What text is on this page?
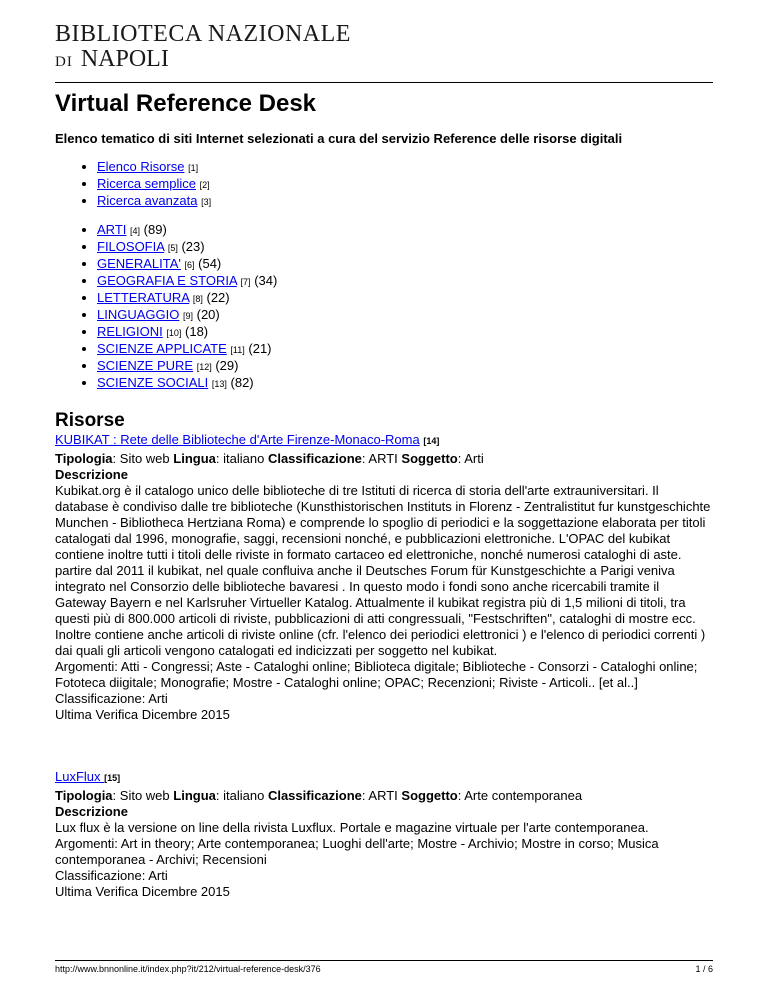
BIBLIOTECA NAZIONALE
DI NAPOLI
Virtual Reference Desk

Elenco tematico di siti Internet selezionati a cura del servizio Reference delle risorse digitali

• Elenco Risorse [1]
• Ricerca semplice [2]
• Ricerca avanzata [3]
• ARTI [4] (89)
• FILOSOFIA [5] (23)
• GENERALITA' [6] (54)
• GEOGRAFIA E STORIA [7] (34)
• LETTERATURA [8] (22)
• LINGUAGGIO [9] (20)
• RELIGIONI [10] (18)
• SCIENZE APPLICATE [11] (21)
• SCIENZE PURE [12] (29)
• SCIENZE SOCIALI [13] (82)
Risorse

KUBIKAT : Rete delle Biblioteche d'Arte Firenze-Monaco-Roma [14]

Tipologia: Sito web Lingua: italiano Classificazione: ARTI Soggetto: Arti

Descrizione

Kubikat.org è il catalogo unico delle biblioteche di tre Istituti di ricerca di storia dell'arte extrauniversitari. Il database è condiviso dalle tre biblioteche (Kunsthistorischen Instituts in Florenz - Zentralistitut fur kunstgeschichte Munchen - Bibliotheca Hertziana Roma) e comprende lo spoglio di periodici e la soggettazione elaborata per titoli catalogati dal 1996, monografie, saggi, recensioni nonché, e pubblicazioni elettroniche. L'OPAC del kubikat contiene inoltre tutti i titoli delle riviste in formato cartaceo ed elettroniche, nonché numerosi cataloghi di aste. partire dal 2011 il kubikat, nel quale confluiva anche il Deutsches Forum für Kunstgeschichte a Parigi veniva integrato nel Consorzio delle biblioteche bavaresi . In questo modo i fondi sono anche ricercabili tramite il Gateway Bayern e nel Karlsruher Virtueller Katalog. Attualmente il kubikat registra più di 1,5 milioni di titoli, tra questi più di 800.000 articoli di riviste, pubblicazioni di atti congressuali, "Festschriften", cataloghi di mostre ecc. Inoltre contiene anche articoli di riviste online (cfr. l'elenco dei periodici elettronici ) e l'elenco di periodici correnti ) dai quali gli articoli vengono catalogati ed indicizzati per soggetto nel kubikat.

Argomenti: Atti - Congressi; Aste - Cataloghi online; Biblioteca digitale; Biblioteche - Consorzi - Cataloghi online; Fototeca diigitale; Monografie; Mostre - Cataloghi online; OPAC; Recenzioni; Riviste - Articoli.. [et al..]

Classificazione: Arti

Ultima Verifica Dicembre 2015

LuxFlux [15]

Tipologia: Sito web Lingua: italiano Classificazione: ARTI Soggetto: Arte contemporanea

Descrizione

Lux flux è la versione on line della rivista Luxflux. Portale e magazine virtuale per l'arte contemporanea.

Argomenti: Art in theory; Arte contemporanea; Luoghi dell'arte; Mostre - Archivio; Mostre in corso; Musica contemporanea - Archivi; Recensioni

Classificazione: Arti

Ultima Verifica Dicembre 2015

http://www.bnnonline.it/index.php?it/212/virtual-reference-desk/376	1 / 6
